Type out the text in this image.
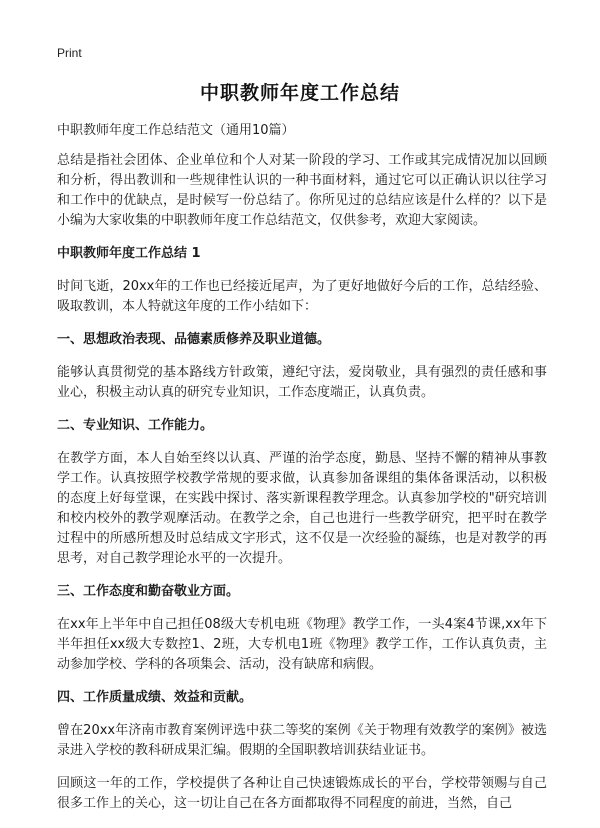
Print
中职教师年度工作总结
中职教师年度工作总结范文（通用10篇）

总结是指社会团体、企业单位和个人对某一阶段的学习、工作或其完成情况加以回顾和分析，得出教训和一些规律性认识的一种书面材料，通过它可以正确认识以往学习和工作中的优缺点，是时候写一份总结了。你所见过的总结应该是什么样的？以下是小编为大家收集的中职教师年度工作总结范文，仅供参考，欢迎大家阅读。

中职教师年度工作总结 1

时间飞逝，20xx年的工作也已经接近尾声，为了更好地做好今后的工作，总结经验、吸取教训，本人特就这年度的工作小结如下：

一、思想政治表现、品德素质修养及职业道德。

能够认真贯彻党的基本路线方针政策，遵纪守法，爱岗敬业，具有强烈的责任感和事业心，积极主动认真的研究专业知识，工作态度端正，认真负责。

二、专业知识、工作能力。

在教学方面，本人自始至终以认真、严谨的治学态度，勤恳、坚持不懈的精神从事教学工作。认真按照学校教学常规的要求做，认真参加备课组的集体备课活动，以积极的态度上好每堂课，在实践中探讨、落实新课程教学理念。认真参加学校的"研究培训和校内校外的教学观摩活动。在教学之余，自己也进行一些教学研究，把平时在教学过程中的所感所想及时总结成文字形式，这不仅是一次经验的凝练，也是对教学的再思考，对自己教学理论水平的一次提升。

三、工作态度和勤奋敬业方面。

在xx年上半年中自己担任08级大专机电班《物理》教学工作，一头4案4节课,xx年下半年担任xx级大专数控1、2班，大专机电1班《物理》教学工作，工作认真负责，主动参加学校、学科的各项集会、活动，没有缺席和病假。

四、工作质量成绩、效益和贡献。

曾在20xx年济南市教育案例评选中获二等奖的案例《关于物理有效教学的案例》被选录进入学校的教科研成果汇编。假期的全国职教培训获结业证书。

回顾这一年的工作，学校提供了各种让自己快速锻炼成长的平台，学校带领赐与自己很多工作上的关心，这一切让自己在各方面都取得不同程度的前进，当然，自己
